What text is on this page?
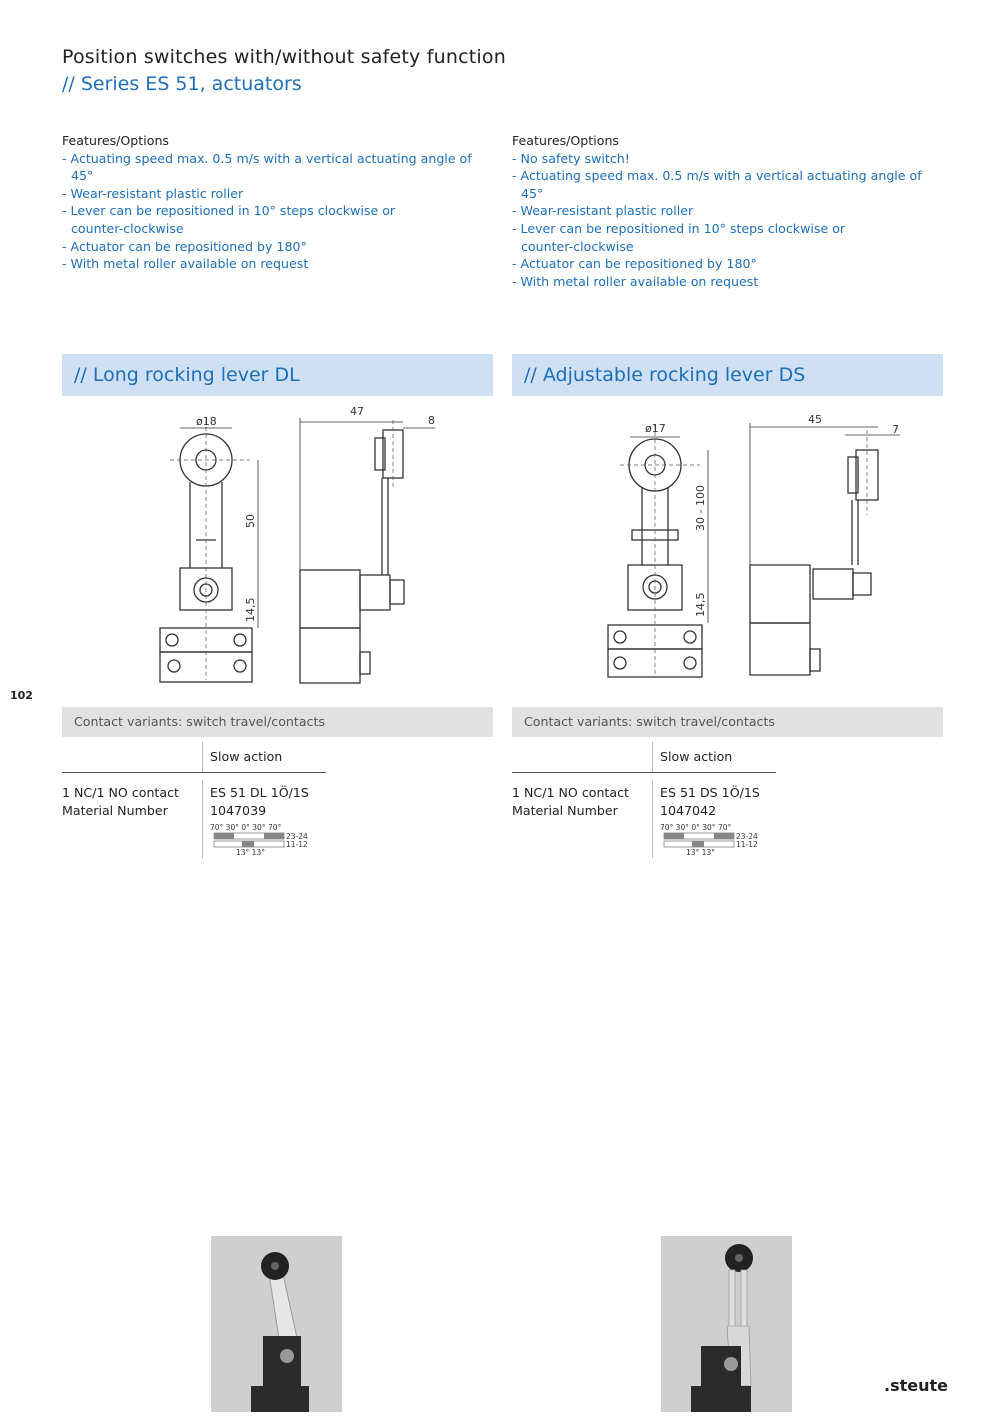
Position switches with/without safety function
// Series ES 51, actuators
Features/Options
- Actuating speed max. 0.5 m/s with a vertical actuating angle of 45°
- Wear-resistant plastic roller
- Lever can be repositioned in 10° steps clockwise or counter-clockwise
- Actuator can be repositioned by 180°
- With metal roller available on request
Features/Options
- No safety switch!
- Actuating speed max. 0.5 m/s with a vertical actuating angle of 45°
- Wear-resistant plastic roller
- Lever can be repositioned in 10° steps clockwise or counter-clockwise
- Actuator can be repositioned by 180°
- With metal roller available on request
// Long rocking lever DL	// Adjustable rocking lever DS
ø18
47
8
50
14,5
ø17
45
7
30 - 100
14,5
102
Contact variants: switch travel/contacts	Contact variants: switch travel/contacts
Slow action
1 NC/1 NO contact
Material Number
ES 51 DL 1Ö/1S
1047039
70° 30° 0° 30° 70°
23-24
11-12
13° 13°
Slow action
1 NC/1 NO contact
Material Number
ES 51 DS 1Ö/1S
1047042
70° 30° 0° 30° 70°
23-24
11-12
13° 13°
.steute
